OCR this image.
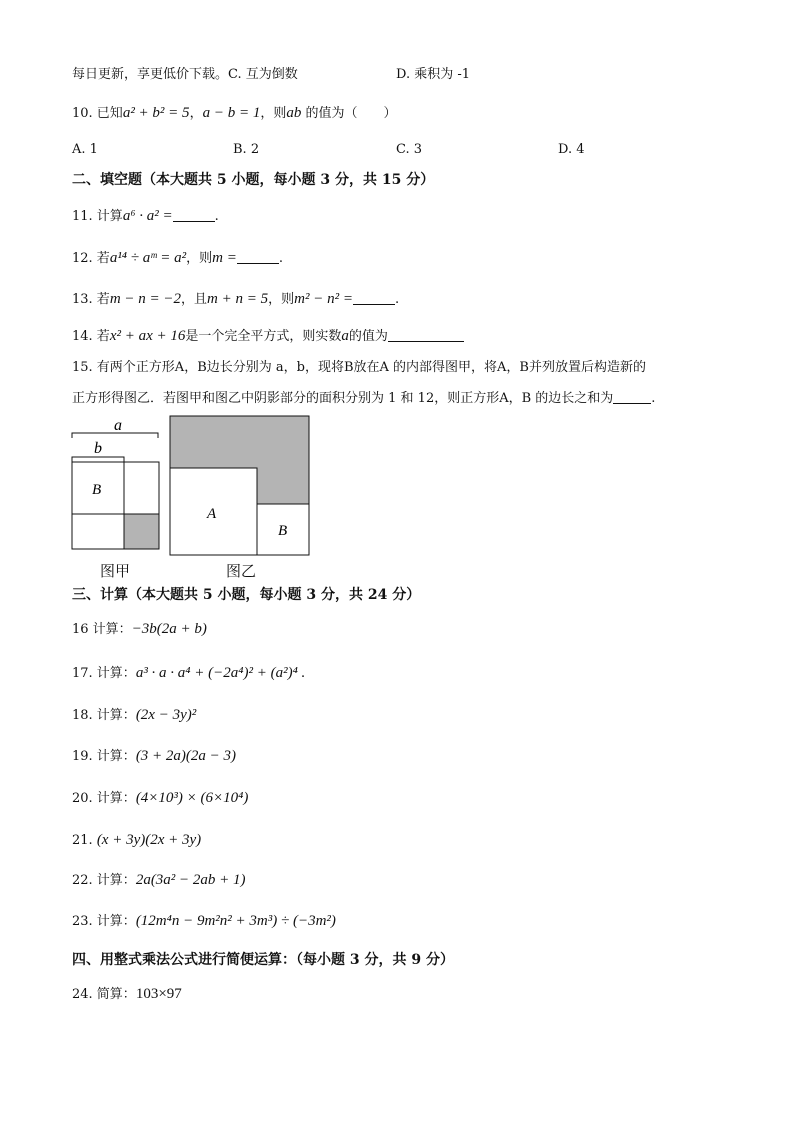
每日更新，享更低价下载。C. 互为倒数	D. 乘积为 -1
10. 已知a² + b² = 5，a − b = 1，则ab 的值为（　　）
A. 1	B. 2	C. 3	D. 4
二、填空题（本大题共 5 小题，每小题 3 分，共 15 分）
11. 计算a⁶ · a² =	.
12. 若a¹⁴ ÷ aᵐ = a²，则m =	.
13. 若m − n = −2，且m + n = 5，则m² − n² =	.
14. 若x² + ax + 16是一个完全平方式，则实数a的值为
15. 有两个正方形A，B边长分别为 a，b，现将B放在A 的内部得图甲，将A，B并列放置后构造新的
正方形得图乙．若图甲和图乙中阴影部分的面积分别为 1 和 12，则正方形A，B 的边长之和为	.
a
b
B
A
B
图甲	图乙
三、计算（本大题共 5 小题，每小题 3 分，共 24 分）
16 计算：−3b(2a + b)
17. 计算：a³ · a · a⁴ + (−2a⁴)² + (a²)⁴ .
18. 计算：(2x − 3y)²
19. 计算：(3 + 2a)(2a − 3)
20. 计算：(4×10³) × (6×10⁴)
21. (x + 3y)(2x + 3y)
22. 计算：2a(3a² − 2ab + 1)
23. 计算：(12m⁴n − 9m²n² + 3m³) ÷ (−3m²)
四、用整式乘法公式进行简便运算：（每小题 3 分，共 9 分）
24. 简算：103×97
